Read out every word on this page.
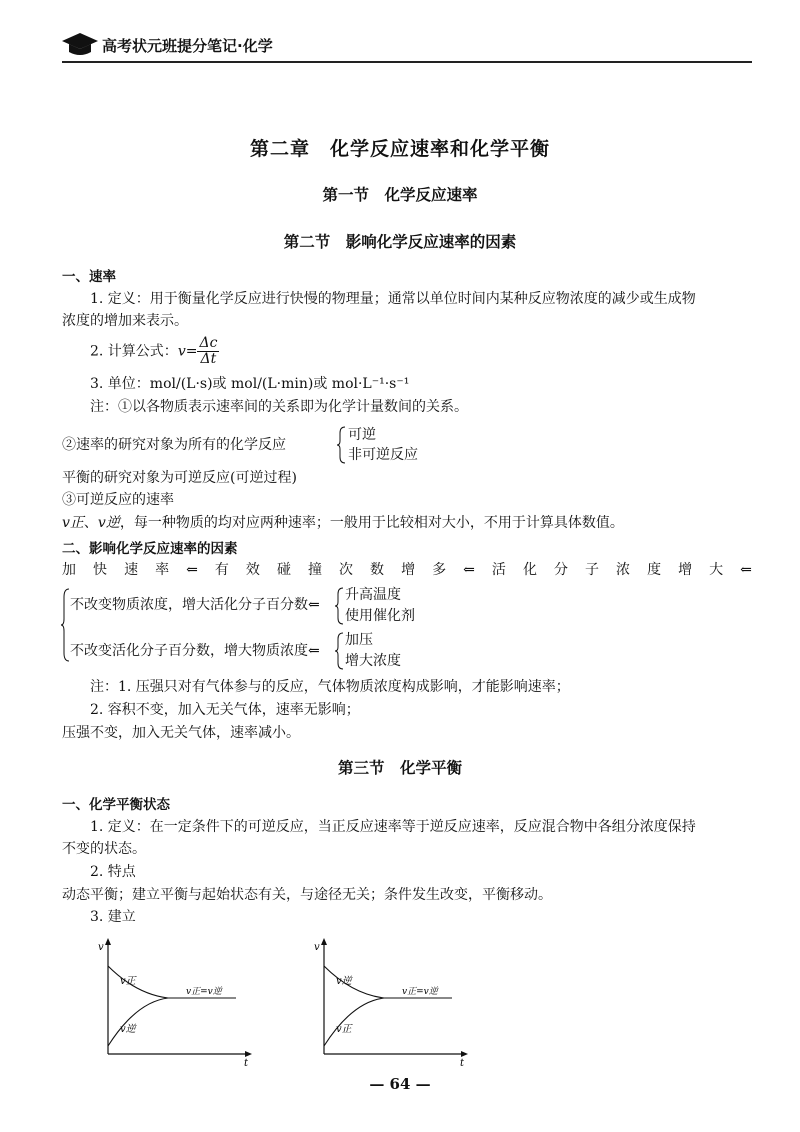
高考状元班提分笔记·化学
第二章　化学反应速率和化学平衡
第一节　化学反应速率
第二节　影响化学反应速率的因素
一、速率
1. 定义：用于衡量化学反应进行快慢的物理量；通常以单位时间内某种反应物浓度的减少或生成物
浓度的增加来表示。
2. 计算公式：$v= \frac{\Delta c}{\Delta t}$
3. 单位：mol/(L·s)或 mol/(L·min)或 mol·L⁻¹·s⁻¹
注：①以各物质表示速率间的关系即为化学计量数间的关系。
②速率的研究对象为所有的化学反应
可逆
非可逆反应
平衡的研究对象为可逆反应(可逆过程)
③可逆反应的速率
v正、v逆，每一种物质的均对应两种速率；一般用于比较相对大小，不用于计算具体数值。
二、影响化学反应速率的因素
加 快 速 率 ⇐ 有 效 碰 撞 次 数 增 多 ⇐ 活 化 分 子 浓 度 增 大 ⇐
不改变物质浓度，增大活化分子百分数⇐
升高温度
使用催化剂
不改变活化分子百分数，增大物质浓度⇐
加压
增大浓度
注：1. 压强只对有气体参与的反应，气体物质浓度构成影响，才能影响速率；
2. 容积不变，加入无关气体，速率无影响；
压强不变，加入无关气体，速率减小。
第三节　化学平衡
一、化学平衡状态
1. 定义：在一定条件下的可逆反应，当正反应速率等于逆反应速率，反应混合物中各组分浓度保持
不变的状态。
2. 特点
动态平衡；建立平衡与起始状态有关，与途径无关；条件发生改变，平衡移动。
3. 建立
v
t
v正
v逆
v正=v逆
v
t
v逆
v正
v正=v逆
— 64 —
